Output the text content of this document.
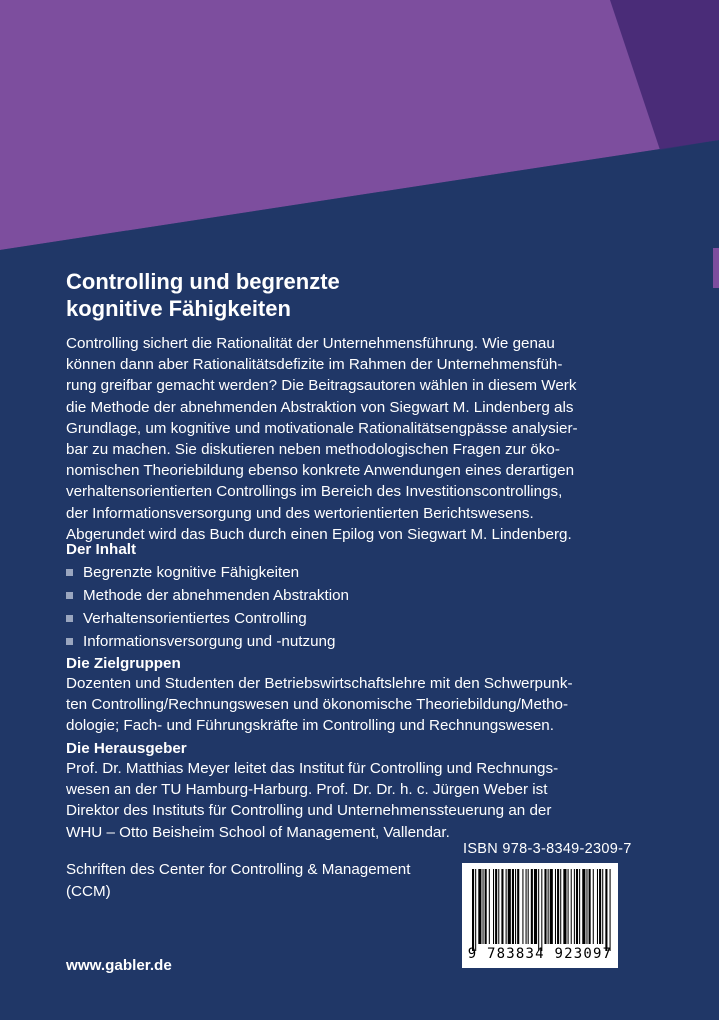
Controlling und begrenzte
kognitive Fähigkeiten
Controlling sichert die Rationalität der Unternehmensführung. Wie genau
können dann aber Rationalitätsdefizite im Rahmen der Unternehmensfüh-
rung greifbar gemacht werden? Die Beitragsautoren wählen in diesem Werk
die Methode der abnehmenden Abstraktion von Siegwart M. Lindenberg als
Grundlage, um kognitive und motivationale Rationalitätsengpässe analysier-
bar zu machen. Sie diskutieren neben methodologischen Fragen zur öko-
nomischen Theoriebildung ebenso konkrete Anwendungen eines derartigen
verhaltensorientierten Controllings im Bereich des Investitionscontrollings,
der Informationsversorgung und des wertorientierten Berichtswesens.
Abgerundet wird das Buch durch einen Epilog von Siegwart M. Lindenberg.
Der Inhalt
Begrenzte kognitive Fähigkeiten
Methode der abnehmenden Abstraktion
Verhaltensorientiertes Controlling
Informationsversorgung und -nutzung
Die Zielgruppen
Dozenten und Studenten der Betriebswirtschaftslehre mit den Schwerpunk-
ten Controlling/Rechnungswesen und ökonomische Theoriebildung/Metho-
dologie; Fach- und Führungskräfte im Controlling und Rechnungswesen.
Die Herausgeber
Prof. Dr. Matthias Meyer leitet das Institut für Controlling und Rechnungs-
wesen an der TU Hamburg-Harburg. Prof. Dr. Dr. h. c. Jürgen Weber ist
Direktor des Instituts für Controlling und Unternehmenssteuerung an der
WHU – Otto Beisheim School of Management, Vallendar.
Schriften des Center for Controlling & Management
(CCM)
www.gabler.de
ISBN 978-3-8349-2309-7
9 783834 923097
